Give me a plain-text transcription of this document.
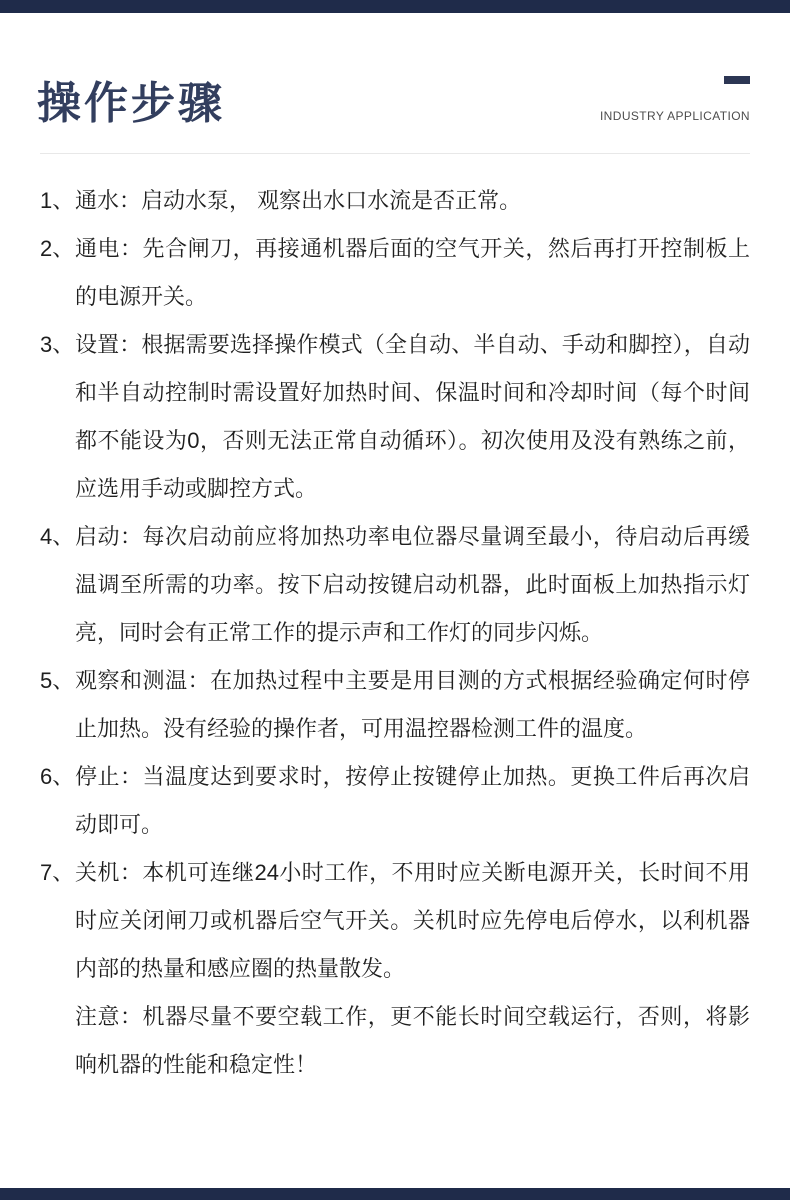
操作步骤	INDUSTRY APPLICATION
1、 通水：启动水泵， 观察出水口水流是否正常。

2、 通电：先合闸刀，再接通机器后面的空气开关，然后再打开控制板上的电源开关。

3、 设置：根据需要选择操作模式（全自动、半自动、手动和脚控），自动和半自动控制时需设置好加热时间、保温时间和冷却时间（每个时间都不能设为0，否则无法正常自动循环）。初次使用及没有熟练之前，应选用手动或脚控方式。

4、 启动：每次启动前应将加热功率电位器尽量调至最小，待启动后再缓温调至所需的功率。按下启动按键启动机器，此时面板上加热指示灯亮，同时会有正常工作的提示声和工作灯的同步闪烁。

5、 观察和测温：在加热过程中主要是用目测的方式根据经验确定何时停止加热。没有经验的操作者，可用温控器检测工件的温度。

6、 停止：当温度达到要求时，按停止按键停止加热。更换工件后再次启动即可。

7、 关机：本机可连继24小时工作，不用时应关断电源开关，长时间不用时应关闭闸刀或机器后空气开关。关机时应先停电后停水，以利机器内部的热量和感应圈的热量散发。

注意：机器尽量不要空载工作，更不能长时间空载运行，否则，将影响机器的性能和稳定性！
